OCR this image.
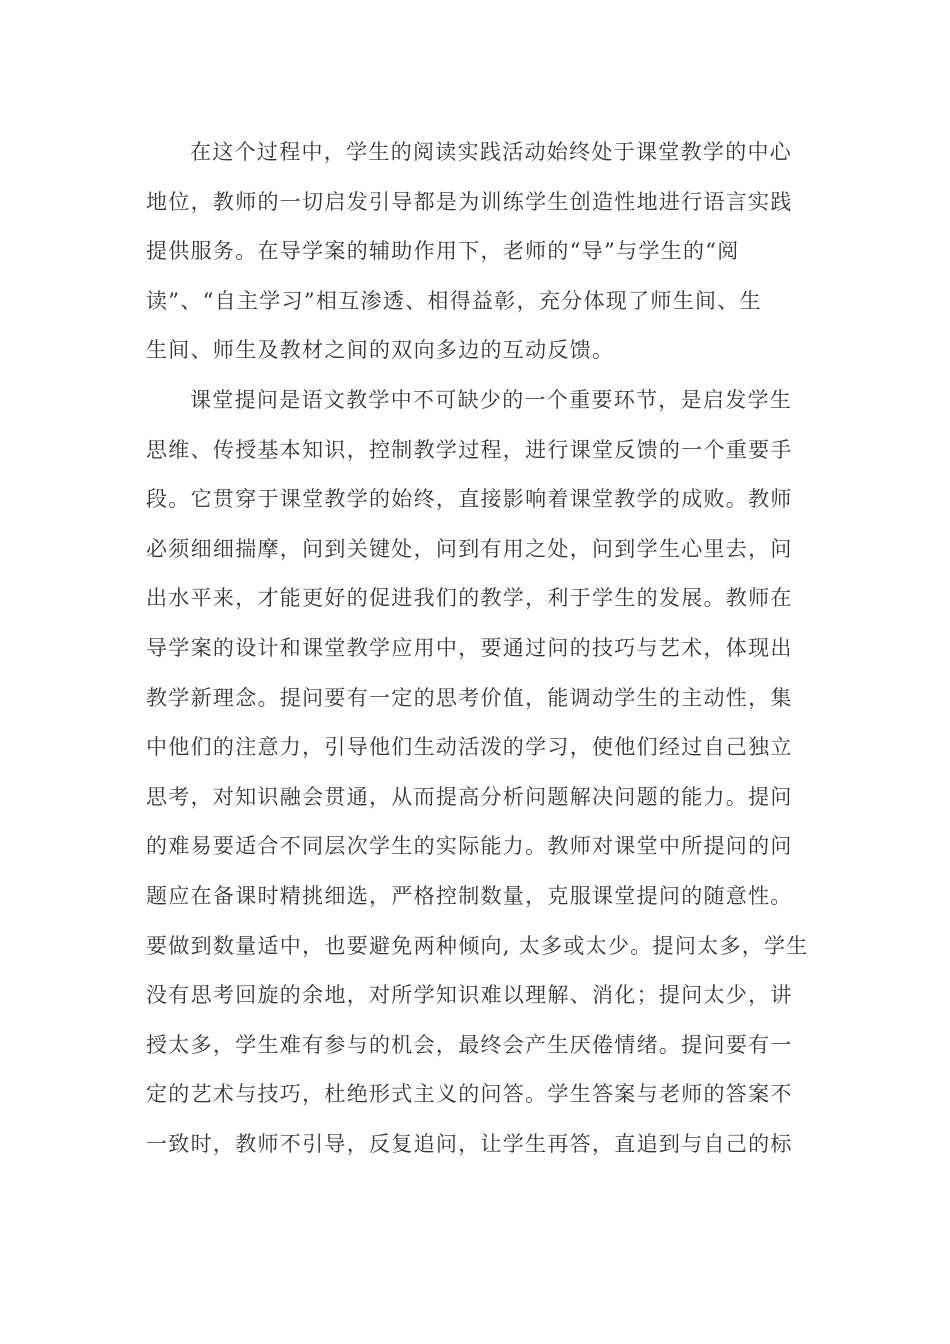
在这个过程中，学生的阅读实践活动始终处于课堂教学的中心
地位，教师的一切启发引导都是为训练学生创造性地进行语言实践
提供服务。在导学案的辅助作用下，老师的“导”与学生的“阅
读”、“自主学习”相互渗透、相得益彰，充分体现了师生间、生
生间、师生及教材之间的双向多边的互动反馈。
课堂提问是语文教学中不可缺少的一个重要环节，是启发学生
思维、传授基本知识，控制教学过程，进行课堂反馈的一个重要手
段。它贯穿于课堂教学的始终，直接影响着课堂教学的成败。教师
必须细细揣摩，问到关键处，问到有用之处，问到学生心里去，问
出水平来，才能更好的促进我们的教学，利于学生的发展。教师在
导学案的设计和课堂教学应用中，要通过问的技巧与艺术，体现出
教学新理念。提问要有一定的思考价值，能调动学生的主动性，集
中他们的注意力，引导他们生动活泼的学习，使他们经过自己独立
思考，对知识融会贯通，从而提高分析问题解决问题的能力。提问
的难易要适合不同层次学生的实际能力。教师对课堂中所提问的问
题应在备课时精挑细选，严格控制数量，克服课堂提问的随意性。
要做到数量适中，也要避免两种倾向, 太多或太少。提问太多，学生
没有思考回旋的余地，对所学知识难以理解、消化；提问太少，讲
授太多，学生难有参与的机会，最终会产生厌倦情绪。提问要有一
定的艺术与技巧，杜绝形式主义的问答。学生答案与老师的答案不
一致时，教师不引导，反复追问，让学生再答，直追到与自己的标
